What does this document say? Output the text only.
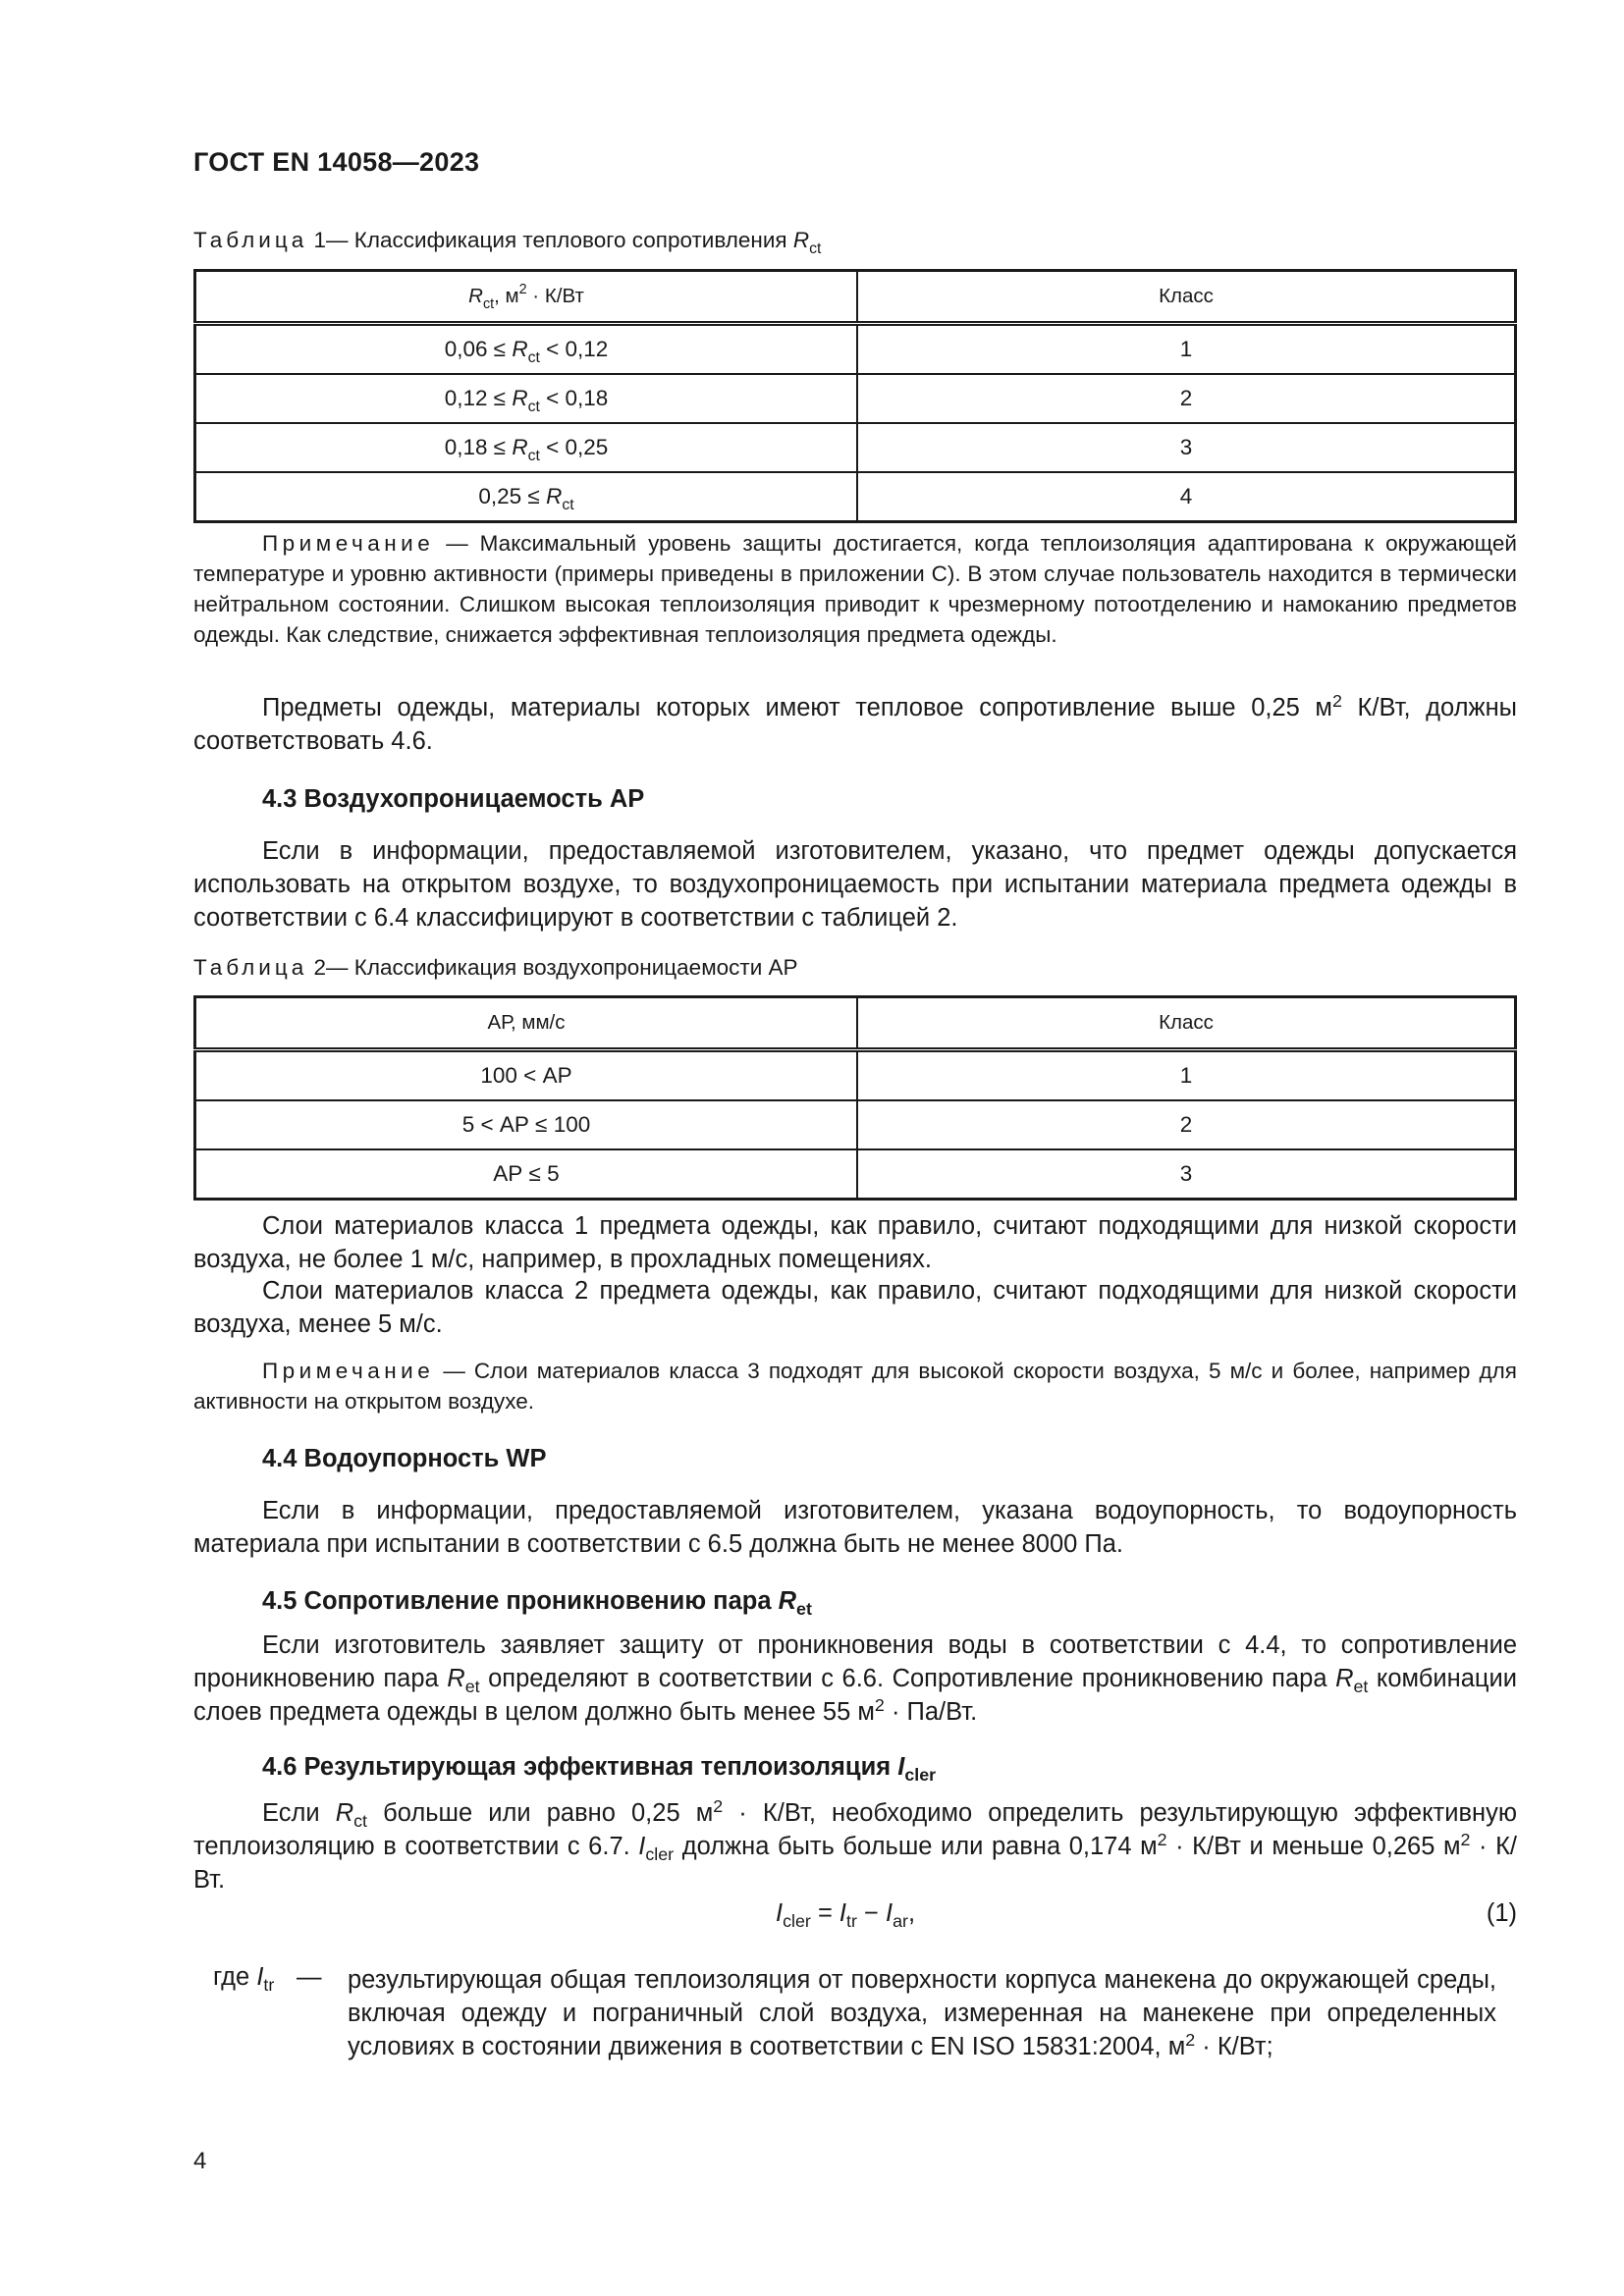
ГОСТ EN 14058—2023
Таблица 1— Классификация теплового сопротивления $R_{ct}$
$R_{ct}$, $м^2 \cdot К/Вт$	Класс
$0,06 \le R_{ct} < 0,12$	1
$0,12 \le R_{ct} < 0,18$	2
$0,18 \le R_{ct} < 0,25$	3
$0,25 \le R_{ct}$	4
Примечание — Максимальный уровень защиты достигается, когда теплоизоляция адаптирована к окружающей температуре и уровню активности (примеры приведены в приложении С). В этом случае пользователь находится в термически нейтральном состоянии. Слишком высокая теплоизоляция приводит к чрезмерному потоотделению и намоканию предметов одежды. Как следствие, снижается эффективная теплоизоляция предмета одежды.
Предметы одежды, материалы которых имеют тепловое сопротивление выше 0,25 $м^2$ К/Вт, должны соответствовать 4.6.
4.3 Воздухопроницаемость АР
Если в информации, предоставляемой изготовителем, указано, что предмет одежды допускается использовать на открытом воздухе, то воздухопроницаемость при испытании материала предмета одежды в соответствии с 6.4 классифицируют в соответствии с таблицей 2.
Таблица 2— Классификация воздухопроницаемости АР
АР, мм/с	Класс
100 < АР	1
5 < АР ≤ 100	2
АР ≤ 5	3
Слои материалов класса 1 предмета одежды, как правило, считают подходящими для низкой скорости воздуха, не более 1 м/с, например, в прохладных помещениях.
Слои материалов класса 2 предмета одежды, как правило, считают подходящими для низкой скорости воздуха, менее 5 м/с.
Примечание — Слои материалов класса 3 подходят для высокой скорости воздуха, 5 м/с и более, например для активности на открытом воздухе.
4.4 Водоупорность WP
Если в информации, предоставляемой изготовителем, указана водоупорность, то водоупорность материала при испытании в соответствии с 6.5 должна быть не менее 8000 Па.
4.5 Сопротивление проникновению пара $R_{et}$
Если изготовитель заявляет защиту от проникновения воды в соответствии с 4.4, то сопротивление проникновению пара $R_{et}$ определяют в соответствии с 6.6. Сопротивление проникновению пара $R_{et}$ комбинации слоев предмета одежды в целом должно быть менее 55 $м^2 \cdot Па/Вт$.
4.6 Результирующая эффективная теплоизоляция $I_{cler}$
Если $R_{ct}$ больше или равно 0,25 $м^2 \cdot К/Вт$, необходимо определить результирующую эффективную теплоизоляцию в соответствии с 6.7. $I_{cler}$ должна быть больше или равна 0,174 $м^2 \cdot К/Вт$ и меньше 0,265 $м^2 \cdot К/Вт$.
$I_{cler} = I_{tr} - I_{ar}$,	(1)
где $I_{tr}$ — результирующая общая теплоизоляция от поверхности корпуса манекена до окружающей среды, включая одежду и пограничный слой воздуха, измеренная на манекене при определенных условиях в состоянии движения в соответствии с EN ISO 15831:2004, $м^2 \cdot К/Вт$;
4
